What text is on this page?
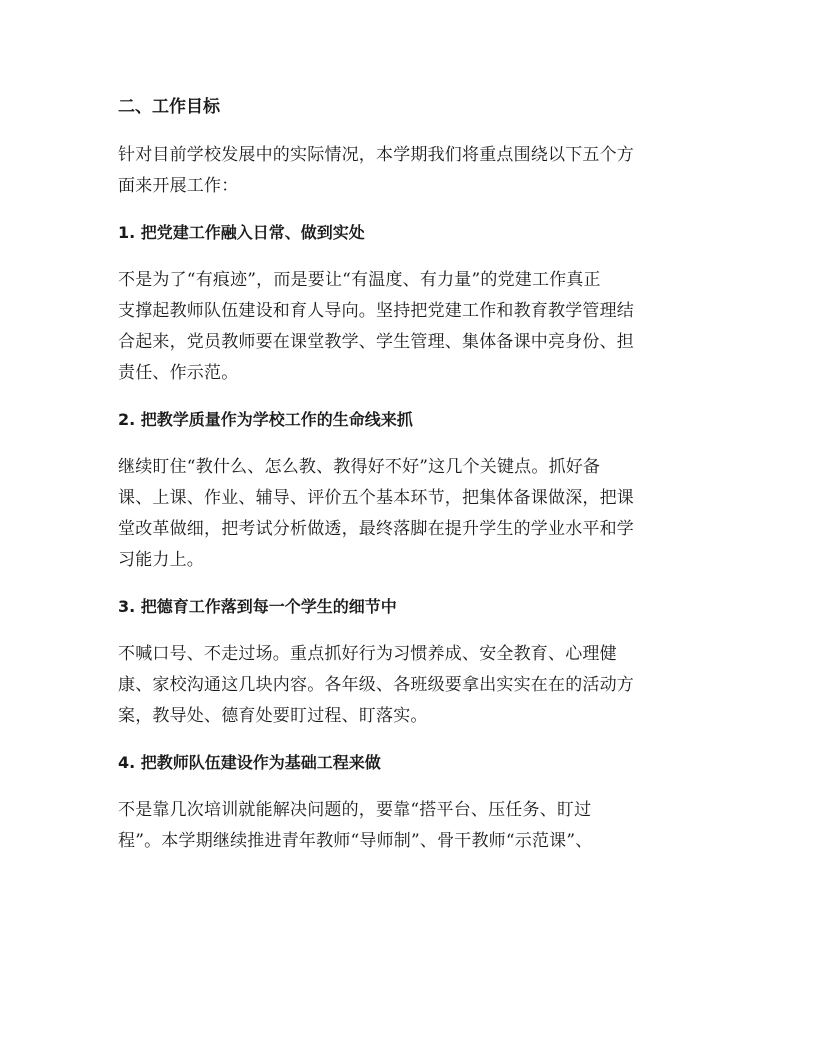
二、工作目标
针对目前学校发展中的实际情况，本学期我们将重点围绕以下五个方
面来开展工作：
1. 把党建工作融入日常、做到实处
不是为了“有痕迹”，而是要让“有温度、有力量”的党建工作真正
支撑起教师队伍建设和育人导向。坚持把党建工作和教育教学管理结
合起来，党员教师要在课堂教学、学生管理、集体备课中亮身份、担
责任、作示范。
2. 把教学质量作为学校工作的生命线来抓
继续盯住“教什么、怎么教、教得好不好”这几个关键点。抓好备
课、上课、作业、辅导、评价五个基本环节，把集体备课做深，把课
堂改革做细，把考试分析做透，最终落脚在提升学生的学业水平和学
习能力上。
3. 把德育工作落到每一个学生的细节中
不喊口号、不走过场。重点抓好行为习惯养成、安全教育、心理健
康、家校沟通这几块内容。各年级、各班级要拿出实实在在的活动方
案，教导处、德育处要盯过程、盯落实。
4. 把教师队伍建设作为基础工程来做
不是靠几次培训就能解决问题的，要靠“搭平台、压任务、盯过
程”。本学期继续推进青年教师“导师制”、骨干教师“示范课”、
